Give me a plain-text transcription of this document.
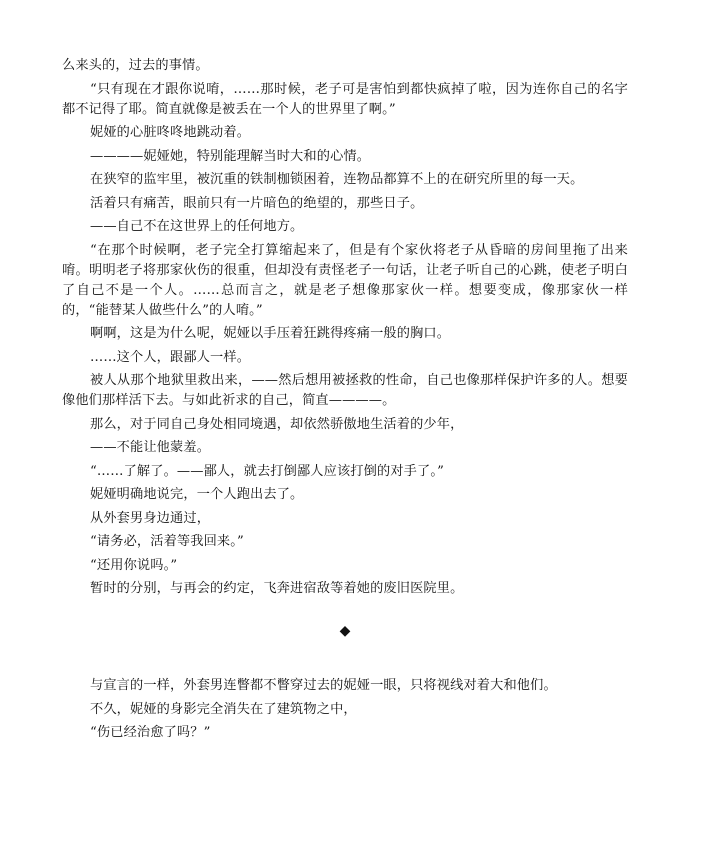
么来头的，过去的事情。

“只有现在才跟你说唷，……那时候，老子可是害怕到都快疯掉了啦，因为连你自己的名字都不记得了耶。简直就像是被丢在一个人的世界里了啊。”

妮娅的心脏咚咚地跳动着。

————妮娅她，特别能理解当时大和的心情。

在狭窄的监牢里，被沉重的铁制枷锁困着，连物品都算不上的在研究所里的每一天。

活着只有痛苦，眼前只有一片暗色的绝望的，那些日子。

——自己不在这世界上的任何地方。

“在那个时候啊，老子完全打算缩起来了，但是有个家伙将老子从昏暗的房间里拖了出来唷。明明老子将那家伙伤的很重，但却没有责怪老子一句话，让老子听自己的心跳，使老子明白了自己不是一个人。……总而言之，就是老子想像那家伙一样。想要变成，像那家伙一样的，“能替某人做些什么”的人唷。”

啊啊，这是为什么呢，妮娅以手压着狂跳得疼痛一般的胸口。

……这个人，跟鄙人一样。

被人从那个地狱里救出来，——然后想用被拯救的性命，自己也像那样保护许多的人。想要像他们那样活下去。与如此祈求的自己，简直————。

那么，对于同自己身处相同境遇，却依然骄傲地生活着的少年，

——不能让他蒙羞。

“……了解了。——鄙人，就去打倒鄙人应该打倒的对手了。”

妮娅明确地说完，一个人跑出去了。

从外套男身边通过，

“请务必，活着等我回来。”

“还用你说吗。”

暂时的分别，与再会的约定，飞奔进宿敌等着她的废旧医院里。

◆

与宣言的一样，外套男连瞥都不瞥穿过去的妮娅一眼，只将视线对着大和他们。

不久，妮娅的身影完全消失在了建筑物之中，

“伤已经治愈了吗？”
